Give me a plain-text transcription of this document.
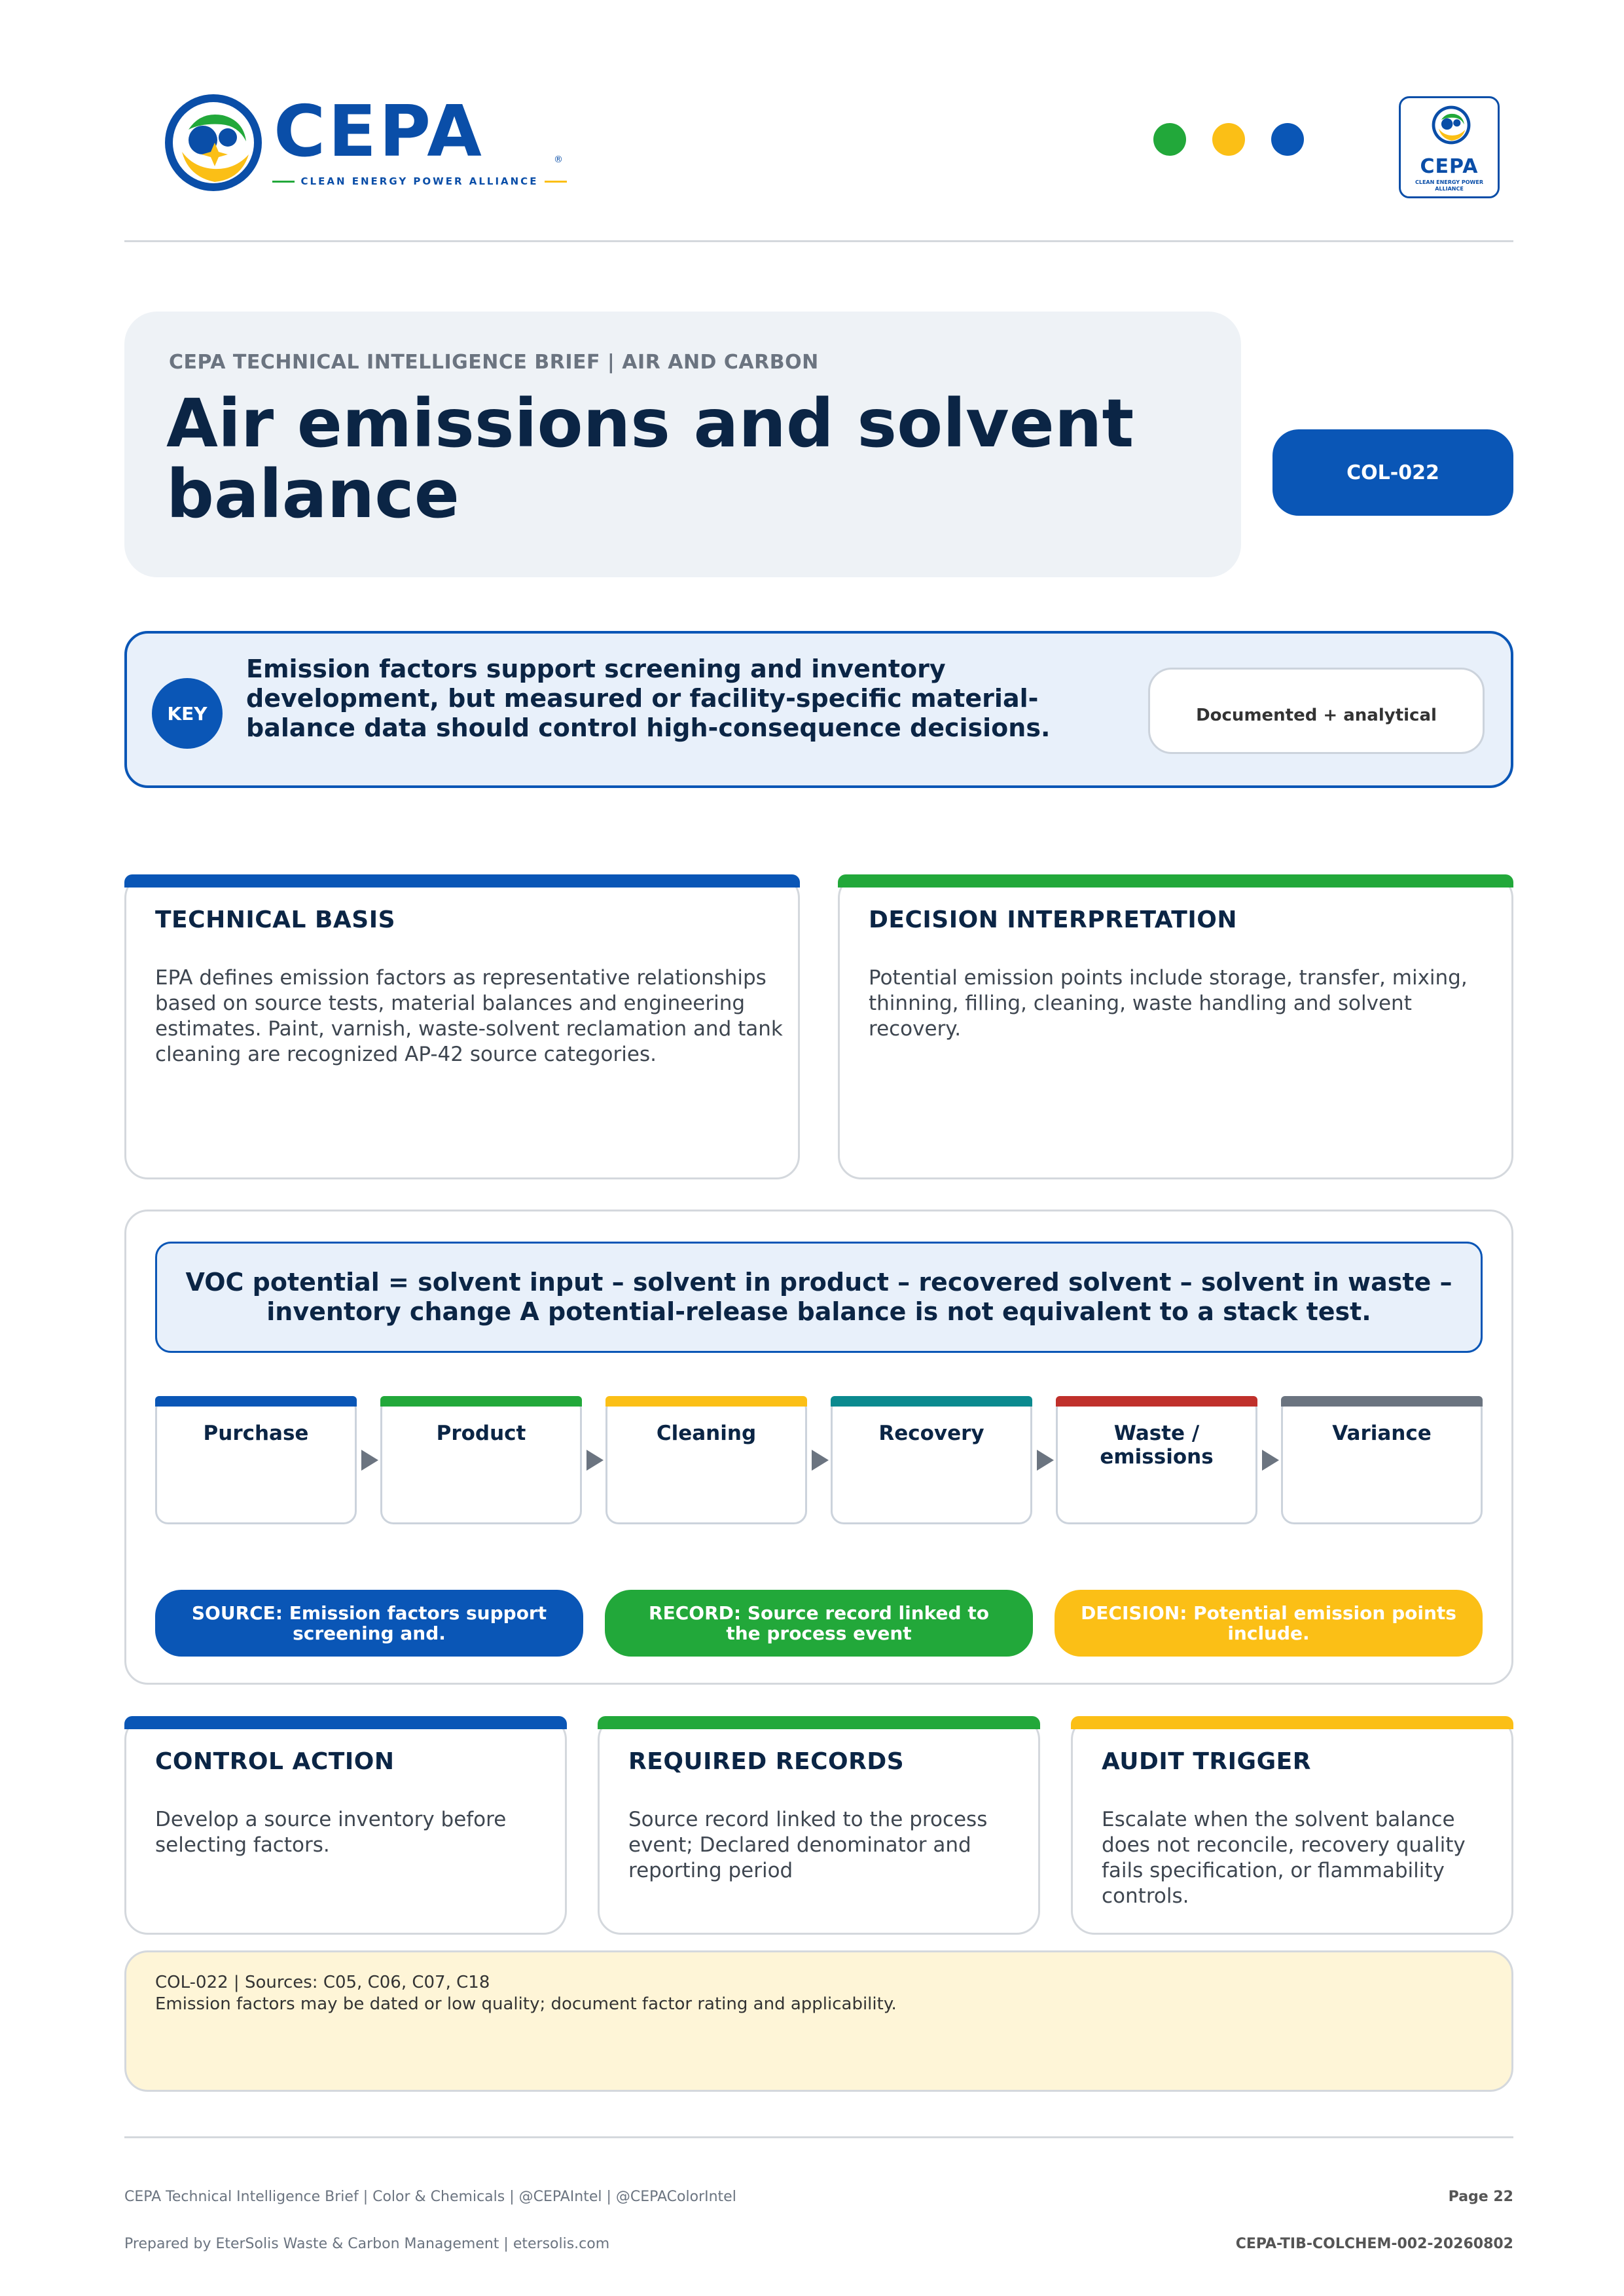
CEPA	®
CLEAN ENERGY POWER ALLIANCE
CEPA
CLEAN ENERGY POWER ALLIANCE
CEPA TECHNICAL INTELLIGENCE BRIEF | AIR AND CARBON
Air emissions and solvent balance	COL-022
KEY
Emission factors support screening and inventory development, but measured or facility-specific material-balance data should control high-consequence decisions.	Documented + analytical
TECHNICAL BASIS
EPA defines emission factors as representative relationships based on source tests, material balances and engineering estimates. Paint, varnish, waste-solvent reclamation and tank cleaning are recognized AP-42 source categories.
DECISION INTERPRETATION
Potential emission points include storage, transfer, mixing, thinning, filling, cleaning, waste handling and solvent recovery.
VOC potential = solvent input – solvent in product – recovered solvent – solvent in waste – inventory change A potential-release balance is not equivalent to a stack test.
Purchase	Product	Cleaning	Recovery	Waste / emissions
Variance
SOURCE: Emission factors support screening and.
RECORD: Source record linked to the process event
DECISION: Potential emission points include.
CONTROL ACTION
Develop a source inventory before selecting factors.
REQUIRED RECORDS
Source record linked to the process event; Declared denominator and reporting period
AUDIT TRIGGER
Escalate when the solvent balance does not reconcile, recovery quality fails specification, or flammability controls.
COL-022 | Sources: C05, C06, C07, C18
Emission factors may be dated or low quality; document factor rating and applicability.
CEPA Technical Intelligence Brief | Color & Chemicals | @CEPAIntel | @CEPAColorIntel
Prepared by EterSolis Waste & Carbon Management | etersolis.com
Page 22
CEPA-TIB-COLCHEM-002-20260802
